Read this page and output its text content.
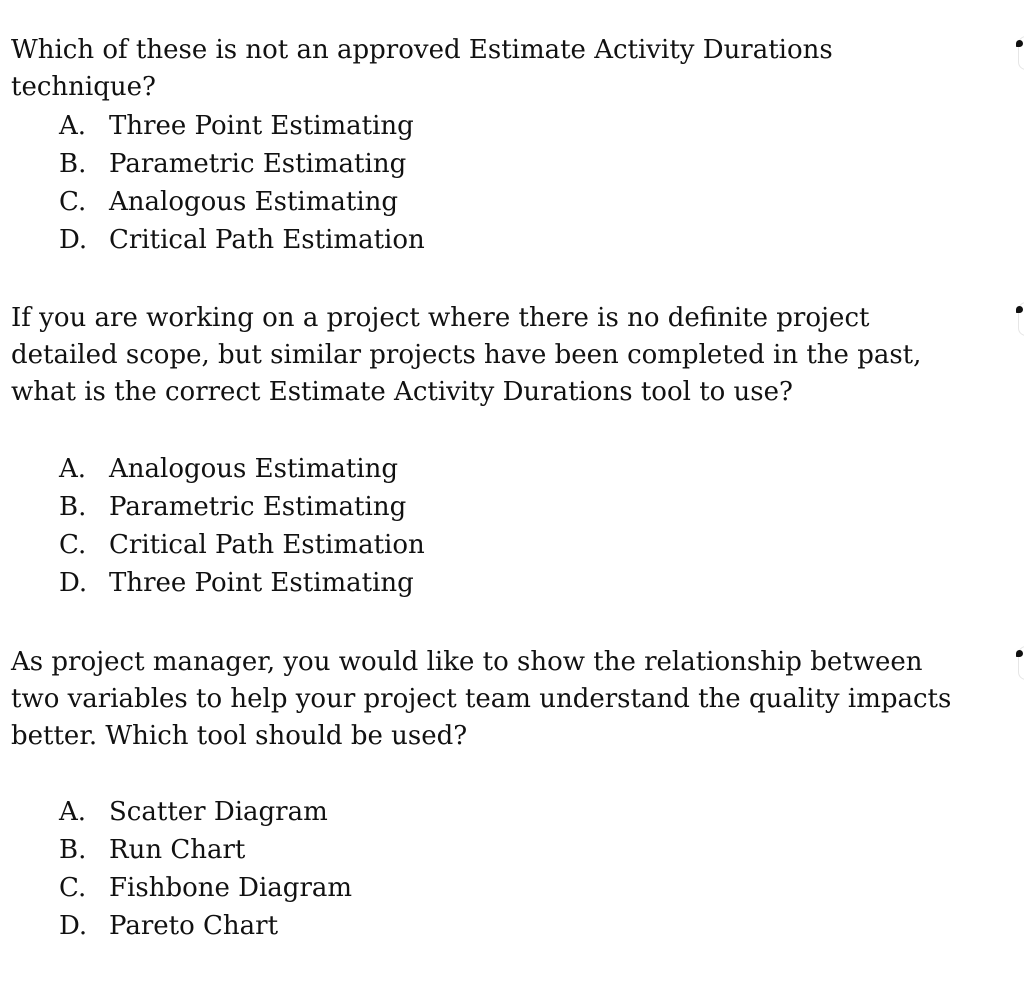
Which of these is not an approved Estimate Activity Durations technique?

A. Three Point Estimating
B. Parametric Estimating
C. Analogous Estimating
D. Critical Path Estimation

If you are working on a project where there is no definite project detailed scope, but similar projects have been completed in the past, what is the correct Estimate Activity Durations tool to use?

A. Analogous Estimating
B. Parametric Estimating
C. Critical Path Estimation
D. Three Point Estimating

As project manager, you would like to show the relationship between two variables to help your project team understand the quality impacts better. Which tool should be used?

A. Scatter Diagram
B. Run Chart
C. Fishbone Diagram
D. Pareto Chart
